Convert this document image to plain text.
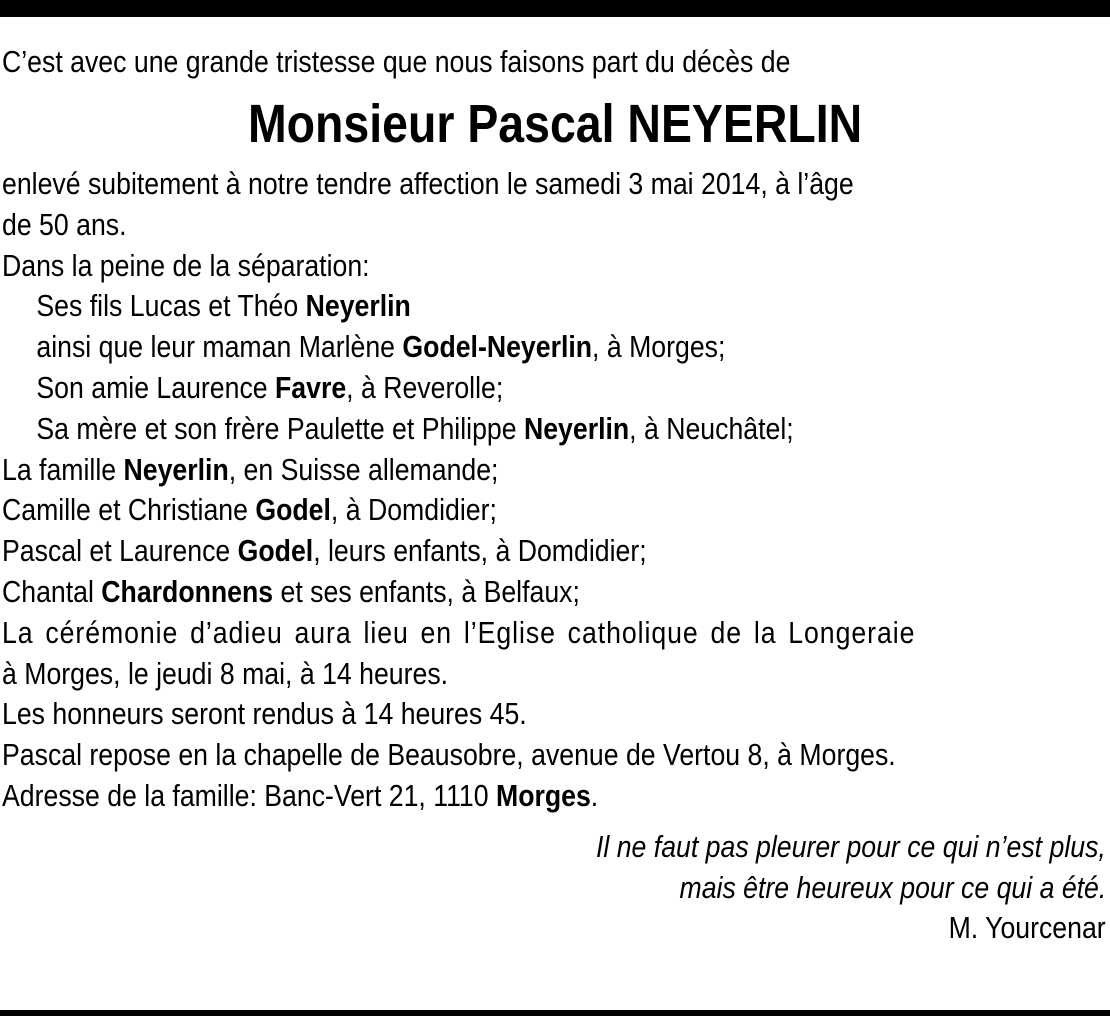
C’est avec une grande tristesse que nous faisons part du décès de
Monsieur Pascal NEYERLIN
enlevé subitement à notre tendre affection le samedi 3 mai 2014, à l’âge
de 50 ans.
Dans la peine de la séparation:
Ses fils Lucas et Théo Neyerlin
ainsi que leur maman Marlène Godel-Neyerlin, à Morges;
Son amie Laurence Favre, à Reverolle;
Sa mère et son frère Paulette et Philippe Neyerlin, à Neuchâtel;
La famille Neyerlin, en Suisse allemande;
Camille et Christiane Godel, à Domdidier;
Pascal et Laurence Godel, leurs enfants, à Domdidier;
Chantal Chardonnens et ses enfants, à Belfaux;
La cérémonie d’adieu aura lieu en l’Eglise catholique de la Longeraie
à Morges, le jeudi 8 mai, à 14 heures.
Les honneurs seront rendus à 14 heures 45.
Pascal repose en la chapelle de Beausobre, avenue de Vertou 8, à Morges.
Adresse de la famille: Banc-Vert 21, 1110 Morges.
Il ne faut pas pleurer pour ce qui n’est plus,
mais être heureux pour ce qui a été.
M. Yourcenar
